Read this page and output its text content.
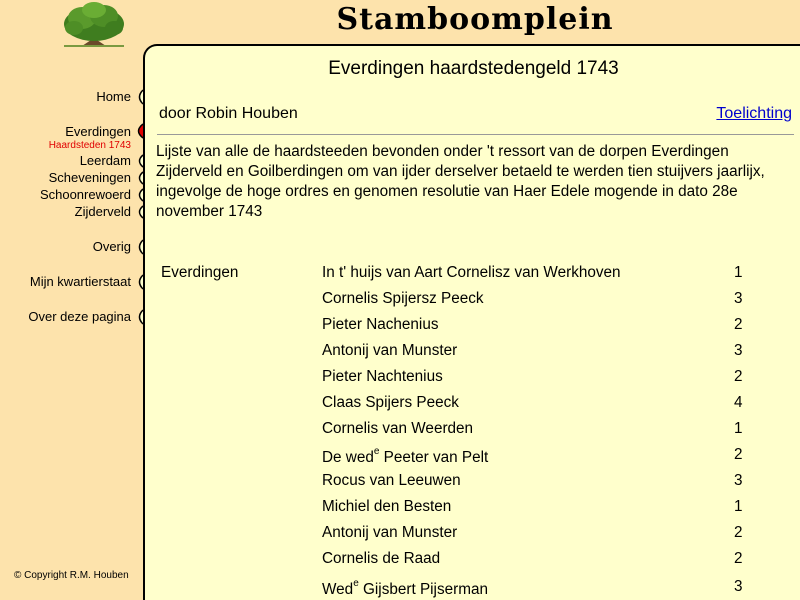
Stamboomplein
Home
Everdingen
Haardsteden 1743
Leerdam
Scheveningen
Schoonrewoerd
Zijderveld
Overig
Mijn kwartierstaat
Over deze pagina
© Copyright R.M. Houben
Everdingen haardstedengeld 1743
door Robin Houben	Toelichting

Lijste van alle de haardsteeden bevonden onder 't ressort van de dorpen Everdingen Zijderveld en Goilberdingen om van ijder derselver betaeld te werden tien stuijvers jaarlijx, ingevolge de hoge ordres en genomen resolutie van Haer Edele mogende in dato 28e november 1743

Everdingen	In t' huijs van Aart Cornelisz van Werkhoven	1
Cornelis Spijersz Peeck	3
Pieter Nachenius	2
Antonij van Munster	3
Pieter Nachtenius	2
Claas Spijers Peeck	4
Cornelis van Weerden	1
De wed$^e$ Peeter van Pelt	2
Rocus van Leeuwen	3
Michiel den Besten	1
Antonij van Munster	2
Cornelis de Raad	2
Wed$^e$ Gijsbert Pijserman	3
